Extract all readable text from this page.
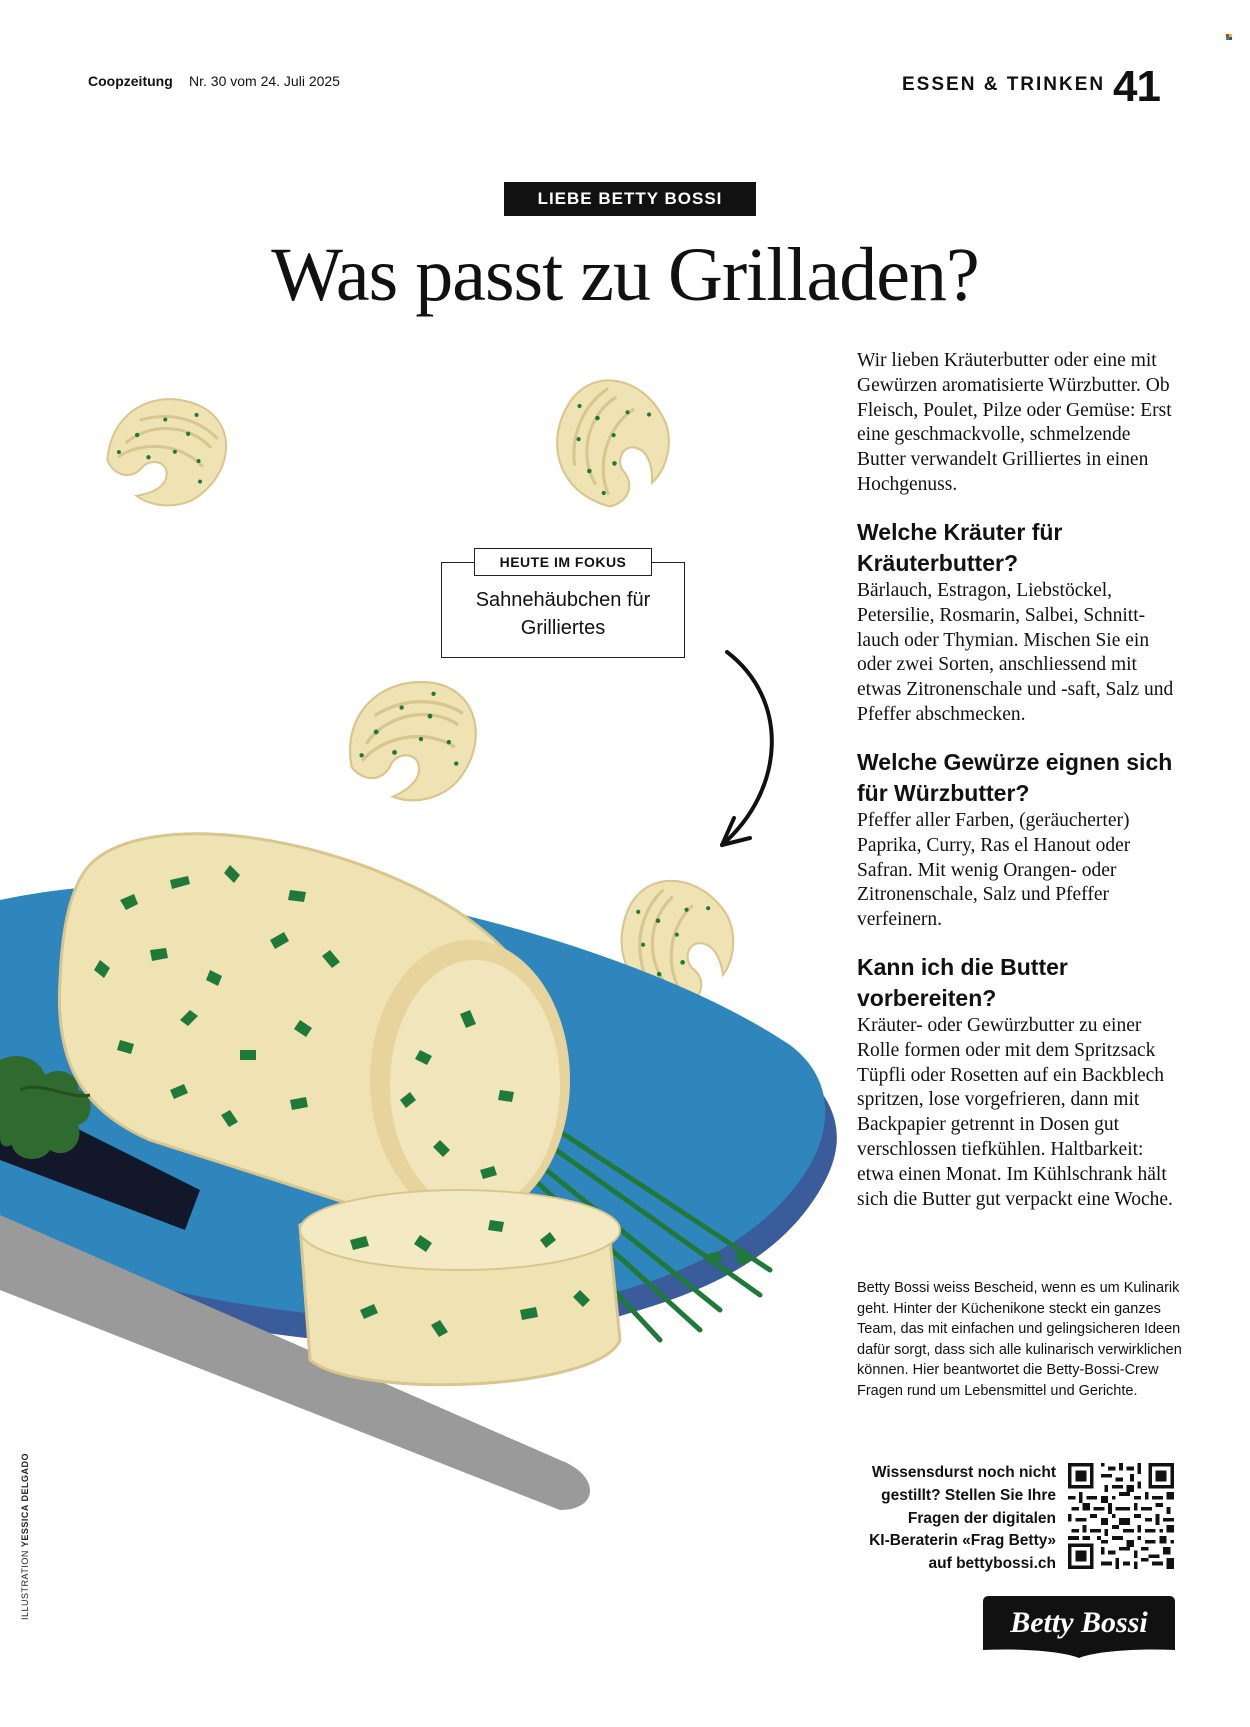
Coopzeitung Nr. 30 vom 24. Juli 2025	ESSEN & TRINKEN 41
LIEBE BETTY BOSSI
Was passt zu Grilladen?
HEUTE IM FOKUS
Sahnehäubchen für Grilliertes

Wir lieben Kräuterbutter oder eine mit Gewürzen aromatisierte Würzbutter. Ob Fleisch, Poulet, Pilze oder Gemüse: Erst eine geschmackvolle, schmelzende Butter verwandelt Grilliertes in einen Hochgenuss.

Welche Kräuter für Kräuterbutter?

Bärlauch, Estragon, Liebstöckel, Petersilie, Rosmarin, Salbei, Schnittlauch oder Thymian. Mischen Sie ein oder zwei Sorten, anschliessend mit etwas Zitronenschale und -saft, Salz und Pfeffer abschmecken.

Welche Gewürze eignen sich für Würzbutter?

Pfeffer aller Farben, (geräucherter) Paprika, Curry, Ras el Hanout oder Safran. Mit wenig Orangen- oder Zitronenschale, Salz und Pfeffer verfeinern.

Kann ich die Butter vorbereiten?

Kräuter- oder Gewürzbutter zu einer Rolle formen oder mit dem Spritzsack Tüpfli oder Rosetten auf ein Backblech spritzen, lose vorgefrieren, dann mit Backpapier getrennt in Dosen gut verschlossen tiefkühlen. Haltbarkeit: etwa einen Monat. Im Kühlschrank hält sich die Butter gut verpackt eine Woche.

Betty Bossi weiss Bescheid, wenn es um Kulinarik geht. Hinter der Küchenikone steckt ein ganzes Team, das mit einfachen und gelingsicheren Ideen dafür sorgt, dass sich alle kulinarisch verwirklichen können. Hier beantwortet die Betty-Bossi-Crew Fragen rund um Lebensmittel und Gerichte.

Wissensdurst noch nicht
gestillt? Stellen Sie Ihre
Fragen der digitalen
KI-Beraterin «Frag Betty»
auf bettybossi.ch
Betty Bossi
ILLUSTRATION YESSICA DELGADO
